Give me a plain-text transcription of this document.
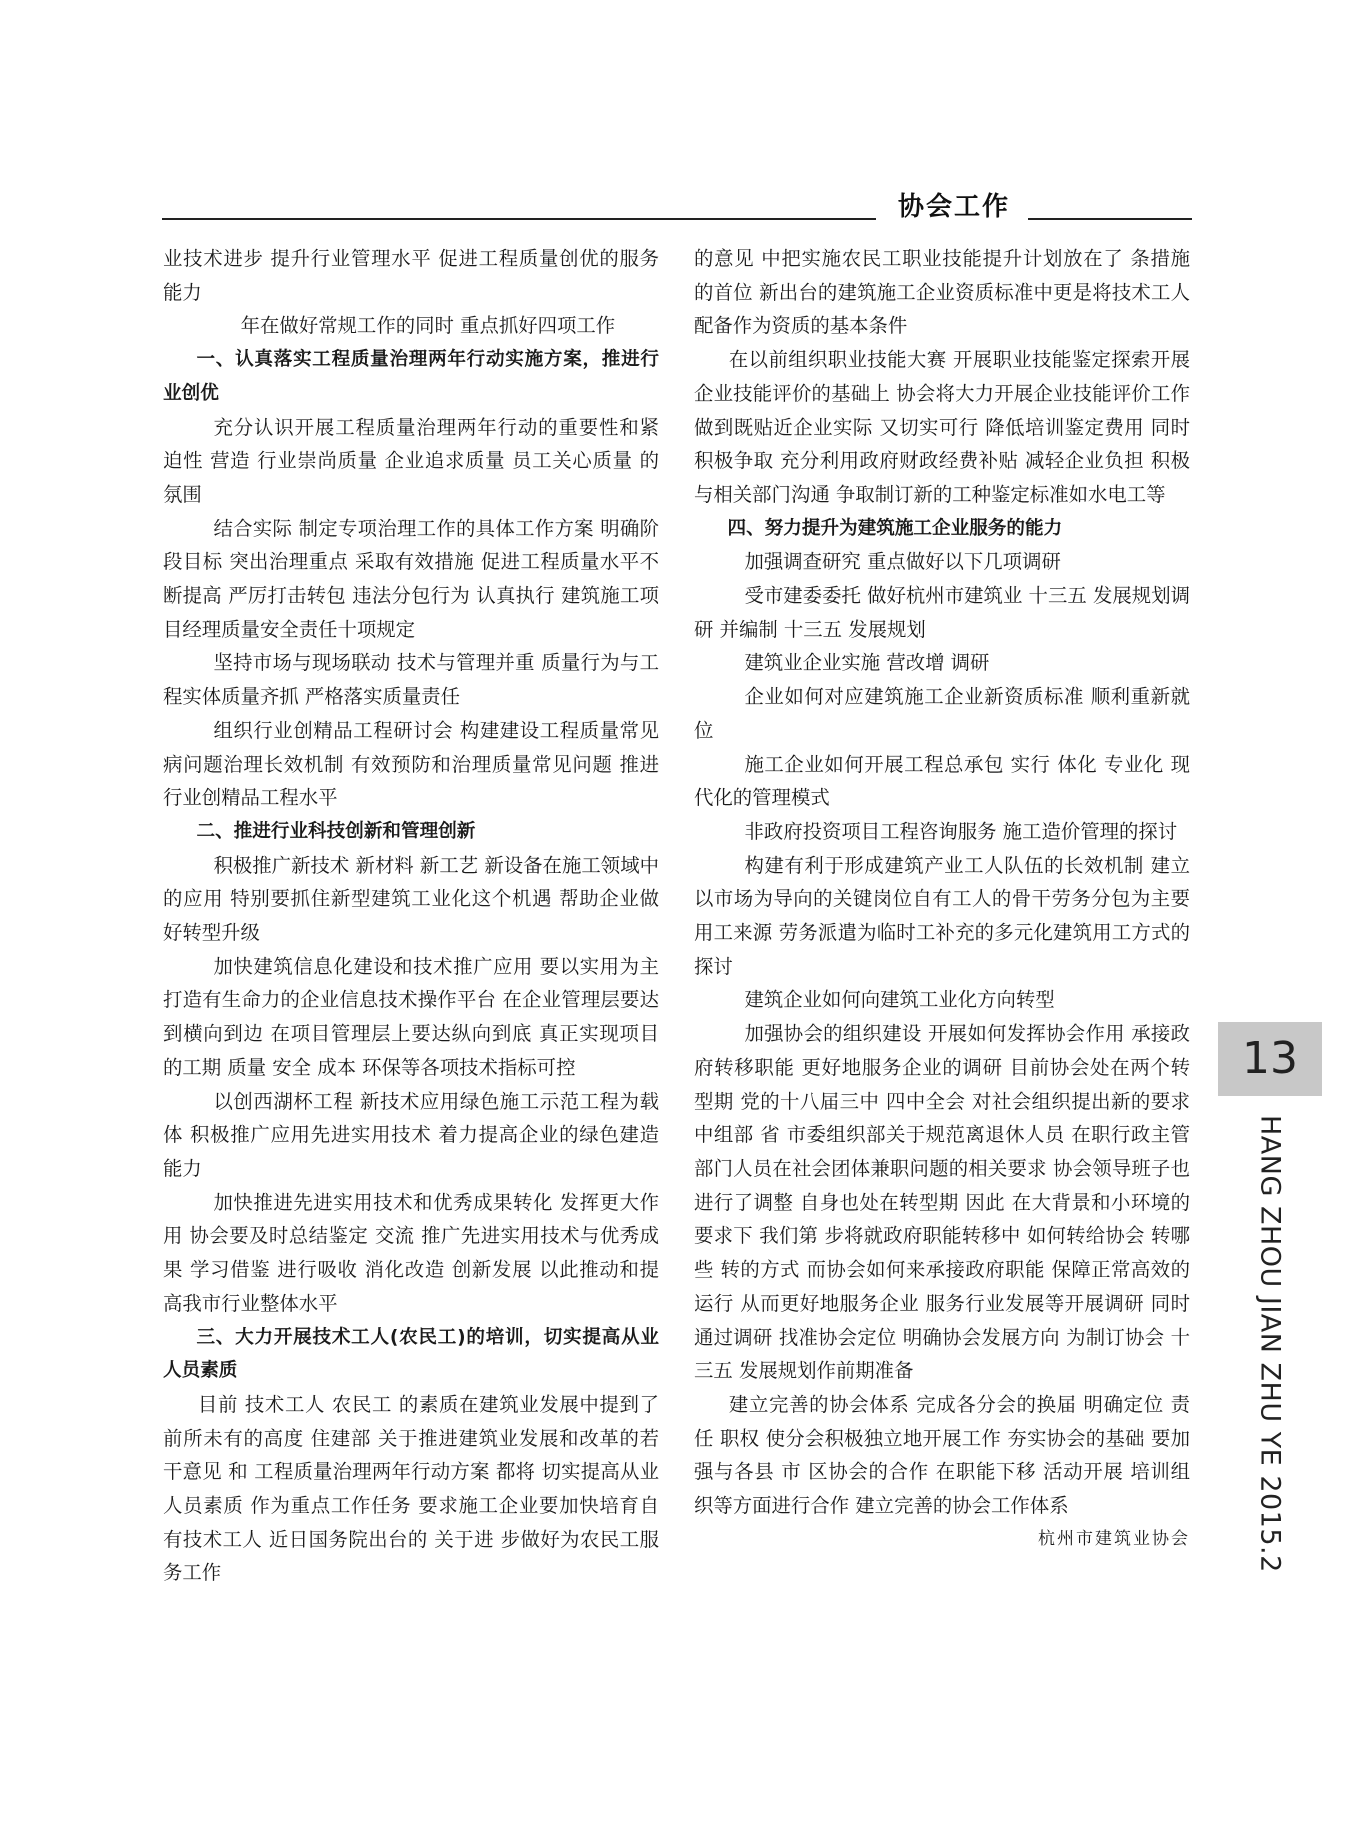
协会工作

业技术进步 提升行业管理水平 促进工程质量创优的服务能力

年在做好常规工作的同时 重点抓好四项工作

一、认真落实工程质量治理两年行动实施方案，推进行业创优

充分认识开展工程质量治理两年行动的重要性和紧迫性 营造 行业崇尚质量 企业追求质量 员工关心质量 的氛围

结合实际 制定专项治理工作的具体工作方案 明确阶段目标 突出治理重点 采取有效措施 促进工程质量水平不断提高 严厉打击转包 违法分包行为 认真执行 建筑施工项目经理质量安全责任十项规定

坚持市场与现场联动 技术与管理并重 质量行为与工程实体质量齐抓 严格落实质量责任

组织行业创精品工程研讨会 构建建设工程质量常见病问题治理长效机制 有效预防和治理质量常见问题 推进行业创精品工程水平

二、推进行业科技创新和管理创新

积极推广新技术 新材料 新工艺 新设备在施工领域中的应用 特别要抓住新型建筑工业化这个机遇 帮助企业做好转型升级

加快建筑信息化建设和技术推广应用 要以实用为主 打造有生命力的企业信息技术操作平台 在企业管理层要达到横向到边 在项目管理层上要达纵向到底 真正实现项目的工期 质量 安全 成本 环保等各项技术指标可控

以创西湖杯工程 新技术应用绿色施工示范工程为载体 积极推广应用先进实用技术 着力提高企业的绿色建造能力

加快推进先进实用技术和优秀成果转化 发挥更大作用 协会要及时总结鉴定 交流 推广先进实用技术与优秀成果 学习借鉴 进行吸收 消化改造 创新发展 以此推动和提高我市行业整体水平

三、大力开展技术工人(农民工)的培训，切实提高从业人员素质

目前 技术工人 农民工 的素质在建筑业发展中提到了前所未有的高度 住建部 关于推进建筑业发展和改革的若干意见 和 工程质量治理两年行动方案 都将 切实提高从业人员素质 作为重点工作任务 要求施工企业要加快培育自有技术工人 近日国务院出台的 关于进 步做好为农民工服务工作

的意见 中把实施农民工职业技能提升计划放在了 条措施的首位 新出台的建筑施工企业资质标准中更是将技术工人配备作为资质的基本条件

在以前组织职业技能大赛 开展职业技能鉴定探索开展企业技能评价的基础上 协会将大力开展企业技能评价工作 做到既贴近企业实际 又切实可行 降低培训鉴定费用 同时积极争取 充分利用政府财政经费补贴 减轻企业负担 积极与相关部门沟通 争取制订新的工种鉴定标准如水电工等

四、努力提升为建筑施工企业服务的能力

加强调查研究 重点做好以下几项调研

受市建委委托 做好杭州市建筑业 十三五 发展规划调研 并编制 十三五 发展规划

建筑业企业实施 营改增 调研

企业如何对应建筑施工企业新资质标准 顺利重新就位

施工企业如何开展工程总承包 实行 体化 专业化 现代化的管理模式

非政府投资项目工程咨询服务 施工造价管理的探讨

构建有利于形成建筑产业工人队伍的长效机制 建立以市场为导向的关键岗位自有工人的骨干劳务分包为主要用工来源 劳务派遣为临时工补充的多元化建筑用工方式的探讨

建筑企业如何向建筑工业化方向转型

加强协会的组织建设 开展如何发挥协会作用 承接政府转移职能 更好地服务企业的调研 目前协会处在两个转型期 党的十八届三中 四中全会 对社会组织提出新的要求 中组部 省 市委组织部关于规范离退休人员 在职行政主管部门人员在社会团体兼职问题的相关要求 协会领导班子也进行了调整 自身也处在转型期 因此 在大背景和小环境的要求下 我们第 步将就政府职能转移中 如何转给协会 转哪些 转的方式 而协会如何来承接政府职能 保障正常高效的运行 从而更好地服务企业 服务行业发展等开展调研 同时通过调研 找准协会定位 明确协会发展方向 为制订协会 十三五 发展规划作前期准备

建立完善的协会体系 完成各分会的换届 明确定位 责任 职权 使分会积极独立地开展工作 夯实协会的基础 要加强与各县 市 区协会的合作 在职能下移 活动开展 培训组织等方面进行合作 建立完善的协会工作体系
杭州市建筑业协会

13
HANG ZHOU JIAN ZHU YE 2015.2
